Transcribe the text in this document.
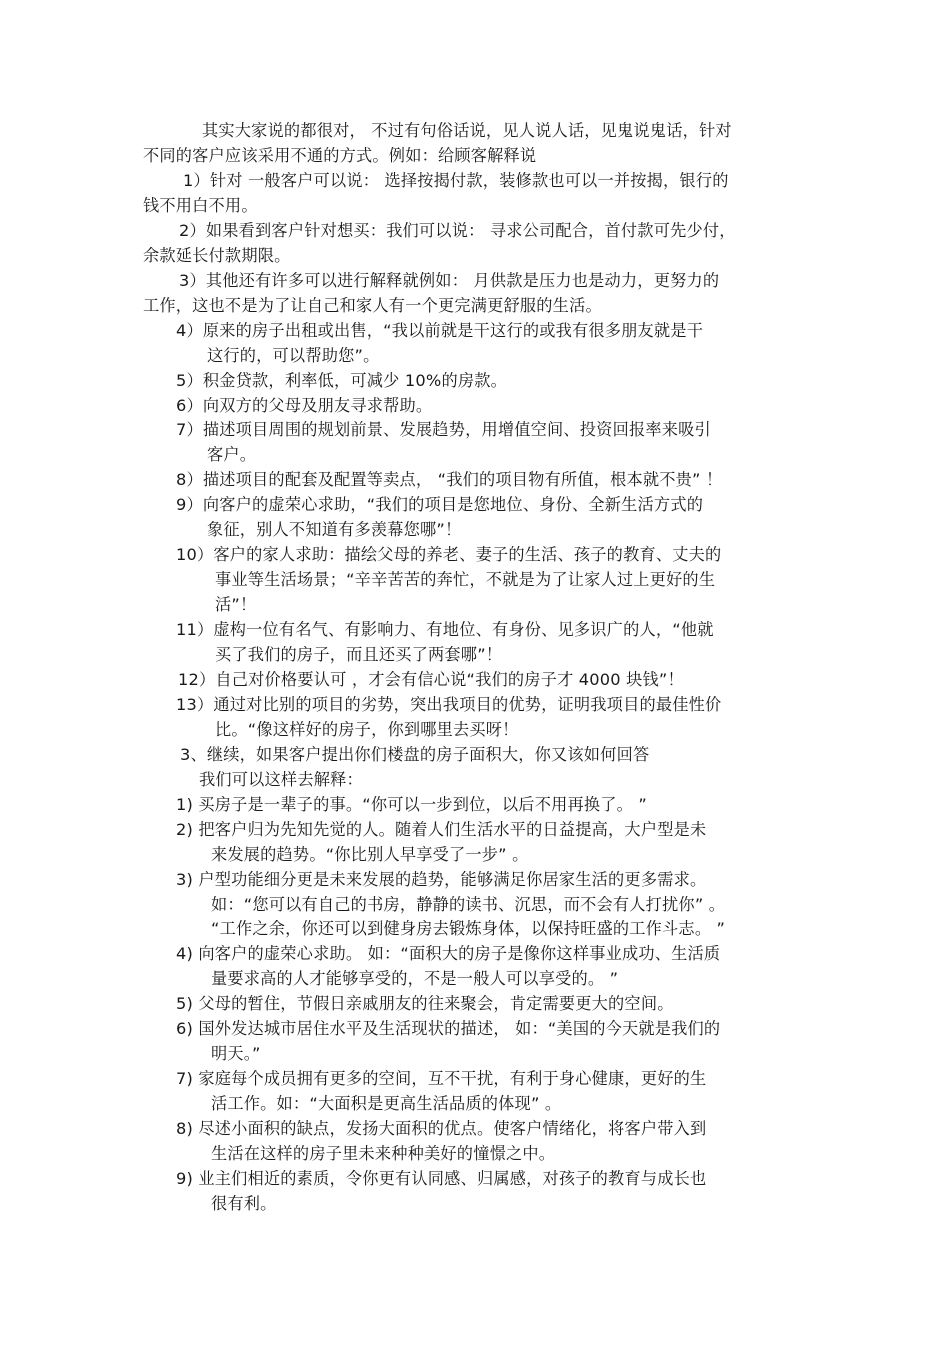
其实大家说的都很对， 不过有句俗话说，见人说人话，见鬼说鬼话，针对

不同的客户应该采用不通的方式。例如：给顾客解释说

1）针对 一般客户可以说： 选择按揭付款，装修款也可以一并按揭，银行的

钱不用白不用。

2）如果看到客户针对想买：我们可以说： 寻求公司配合，首付款可先少付，

余款延长付款期限。

3）其他还有许多可以进行解释就例如： 月供款是压力也是动力，更努力的

工作，这也不是为了让自己和家人有一个更完满更舒服的生活。

4）原来的房子出租或出售，“我以前就是干这行的或我有很多朋友就是干

这行的，可以帮助您”。

5）积金贷款，利率低，可减少 10%的房款。

6）向双方的父母及朋友寻求帮助。

7）描述项目周围的规划前景、发展趋势，用增值空间、投资回报率来吸引

客户。

8）描述项目的配套及配置等卖点， “我们的项目物有所值，根本就不贵” ！

9）向客户的虚荣心求助，“我们的项目是您地位、身份、全新生活方式的

象征，别人不知道有多羡幕您哪”！

10）客户的家人求助：描绘父母的养老、妻子的生活、孩子的教育、丈夫的

事业等生活场景；“辛辛苦苦的奔忙，不就是为了让家人过上更好的生

活”！

11）虚构一位有名气、有影响力、有地位、有身份、见多识广的人，“他就

买了我们的房子，而且还买了两套哪”！

12）自己对价格要认可 ，才会有信心说“我们的房子才 4000 块钱”！

13）通过对比别的项目的劣势，突出我项目的优势，证明我项目的最佳性价

比。“像这样好的房子，你到哪里去买呀！

3、继续，如果客户提出你们楼盘的房子面积大，你又该如何回答

我们可以这样去解释：

1) 买房子是一辈子的事。“你可以一步到位，以后不用再换了。 ”

2) 把客户归为先知先觉的人。随着人们生活水平的日益提高，大户型是未

来发展的趋势。“你比别人早享受了一步” 。

3) 户型功能细分更是未来发展的趋势，能够满足你居家生活的更多需求。

如：“您可以有自己的书房，静静的读书、沉思，而不会有人打扰你” 。

“工作之余，你还可以到健身房去锻炼身体，以保持旺盛的工作斗志。 ”

4) 向客户的虚荣心求助。 如：“面积大的房子是像你这样事业成功、生活质

量要求高的人才能够享受的，不是一般人可以享受的。 ”

5) 父母的暂住，节假日亲戚朋友的往来聚会，肯定需要更大的空间。

6) 国外发达城市居住水平及生活现状的描述， 如：“美国的今天就是我们的

明天。”

7) 家庭每个成员拥有更多的空间，互不干扰，有利于身心健康，更好的生

活工作。如：“大面积是更高生活品质的体现” 。

8) 尽述小面积的缺点，发扬大面积的优点。使客户情绪化，将客户带入到

生活在这样的房子里未来种种美好的憧憬之中。

9) 业主们相近的素质，令你更有认同感、归属感，对孩子的教育与成长也

很有利。
